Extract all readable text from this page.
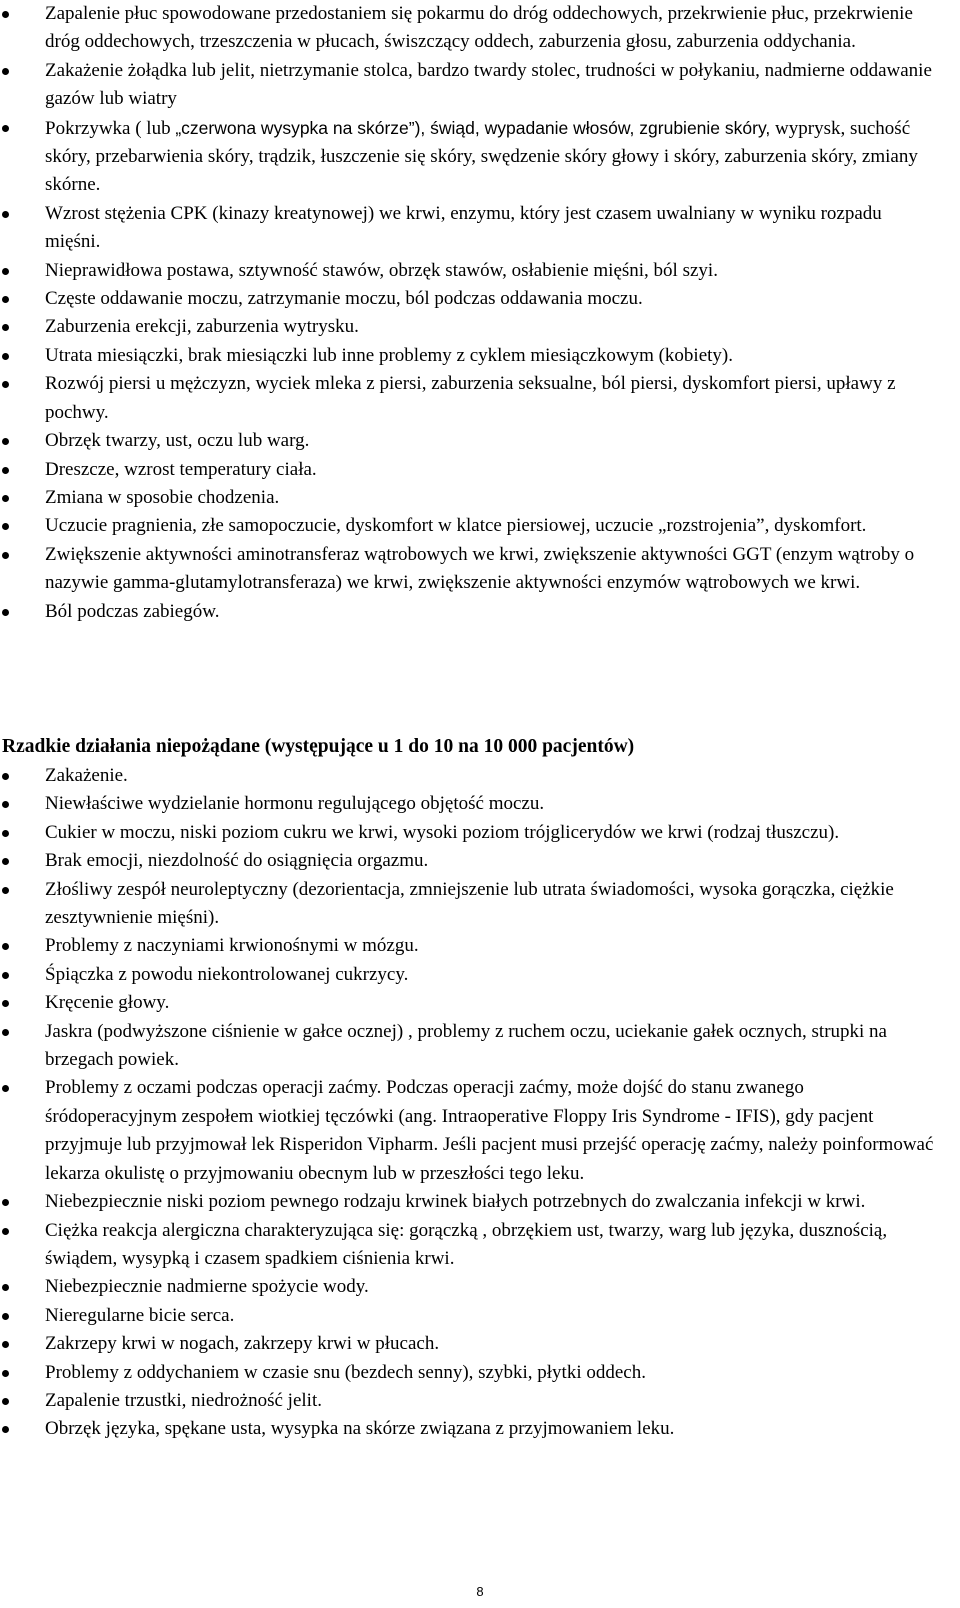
Zapalenie płuc spowodowane przedostaniem się pokarmu do dróg oddechowych, przekrwienie płuc, przekrwienie dróg oddechowych, trzeszczenia w płucach, świszczący oddech, zaburzenia głosu, zaburzenia oddychania.
Zakażenie żołądka lub jelit, nietrzymanie stolca, bardzo twardy stolec, trudności w połykaniu, nadmierne oddawanie gazów lub wiatry
Pokrzywka ( lub „czerwona wysypka na skórze”), świąd, wypadanie włosów, zgrubienie skóry, wyprysk, suchość skóry, przebarwienia skóry, trądzik, łuszczenie się skóry, swędzenie skóry głowy i skóry, zaburzenia skóry, zmiany skórne.
Wzrost stężenia CPK (kinazy kreatynowej) we krwi, enzymu, który jest czasem uwalniany w wyniku rozpadu mięśni.
Nieprawidłowa postawa, sztywność stawów, obrzęk stawów, osłabienie mięśni, ból szyi.
Częste oddawanie moczu, zatrzymanie moczu, ból podczas oddawania moczu.
Zaburzenia erekcji, zaburzenia wytrysku.
Utrata miesiączki, brak miesiączki lub inne problemy z cyklem miesiączkowym (kobiety).
Rozwój piersi u mężczyzn, wyciek mleka z piersi, zaburzenia seksualne, ból piersi, dyskomfort piersi, upławy z pochwy.
Obrzęk twarzy, ust, oczu lub warg.
Dreszcze, wzrost temperatury ciała.
Zmiana w sposobie chodzenia.
Uczucie pragnienia, złe samopoczucie, dyskomfort w klatce piersiowej, uczucie „rozstrojenia”, dyskomfort.
Zwiększenie aktywności aminotransferaz wątrobowych we krwi, zwiększenie aktywności GGT (enzym wątroby o nazywie gamma-glutamylotransferaza) we krwi, zwiększenie aktywności enzymów wątrobowych we krwi.
Ból podczas zabiegów.

Rzadkie działania niepożądane (występujące u 1 do 10 na 10 000 pacjentów)

Zakażenie.
Niewłaściwe wydzielanie hormonu regulującego objętość moczu.
Cukier w moczu, niski poziom cukru we krwi, wysoki poziom trójglicerydów we krwi (rodzaj tłuszczu).
Brak emocji, niezdolność do osiągnięcia orgazmu.
Złośliwy zespół neuroleptyczny (dezorientacja, zmniejszenie lub utrata świadomości, wysoka gorączka, ciężkie zesztywnienie mięśni).
Problemy z naczyniami krwionośnymi w mózgu.
Śpiączka z powodu niekontrolowanej cukrzycy.
Kręcenie głowy.
Jaskra (podwyższone ciśnienie w gałce ocznej) , problemy z ruchem oczu, uciekanie gałek ocznych, strupki na brzegach powiek.
Problemy z oczami podczas operacji zaćmy. Podczas operacji zaćmy, może dojść do stanu zwanego śródoperacyjnym zespołem wiotkiej tęczówki (ang. Intraoperative Floppy Iris Syndrome - IFIS), gdy pacjent przyjmuje lub przyjmował lek Risperidon Vipharm. Jeśli pacjent musi przejść operację zaćmy, należy poinformować lekarza okulistę o przyjmowaniu obecnym lub w przeszłości tego leku.
Niebezpiecznie niski poziom pewnego rodzaju krwinek białych potrzebnych do zwalczania infekcji w krwi.
Ciężka reakcja alergiczna charakteryzująca się: gorączką , obrzękiem ust, twarzy, warg lub języka, dusznością, świądem, wysypką i czasem spadkiem ciśnienia krwi.
Niebezpiecznie nadmierne spożycie wody.
Nieregularne bicie serca.
Zakrzepy krwi w nogach, zakrzepy krwi w płucach.
Problemy z oddychaniem w czasie snu (bezdech senny), szybki, płytki oddech.
Zapalenie trzustki, niedrożność jelit.
Obrzęk języka, spękane usta, wysypka na skórze związana z przyjmowaniem leku.
8
